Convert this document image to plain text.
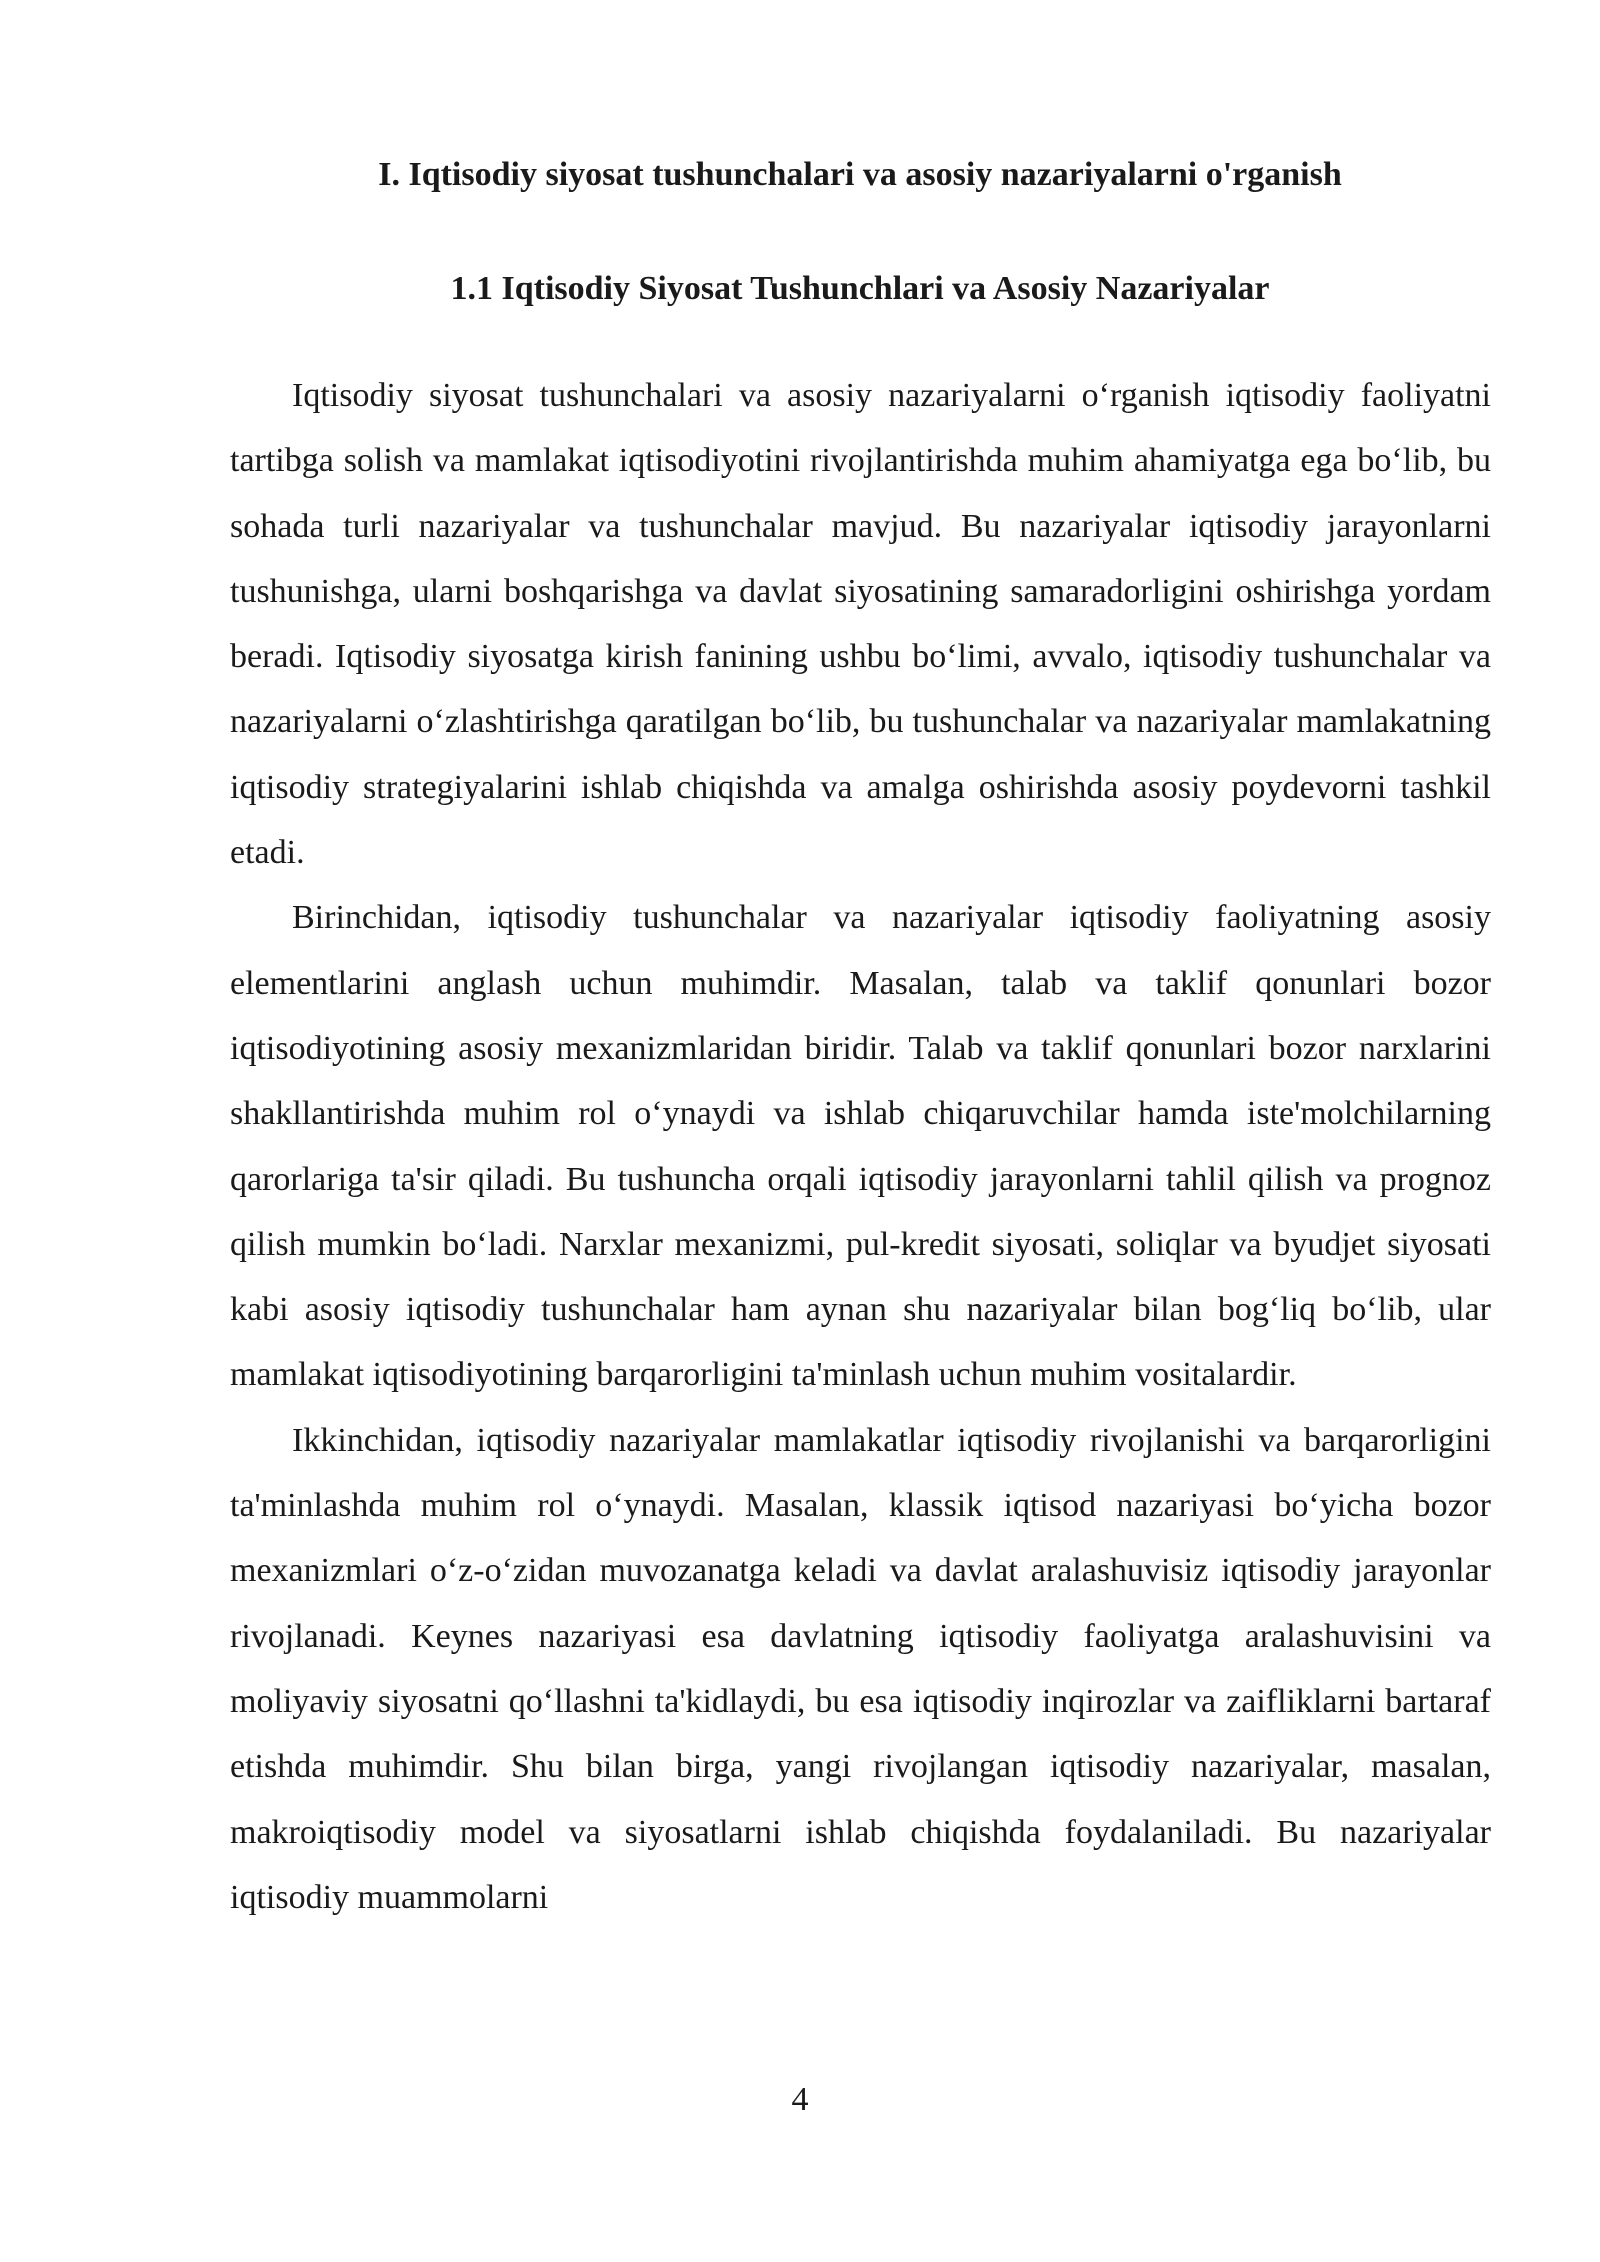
I. Iqtisodiy siyosat tushunchalari va asosiy nazariyalarni o'rganish
1.1 Iqtisodiy Siyosat Tushunchlari va Asosiy Nazariyalar

Iqtisodiy siyosat tushunchalari va asosiy nazariyalarni o‘rganish iqtisodiy faoliyatni tartibga solish va mamlakat iqtisodiyotini rivojlantirishda muhim ahamiyatga ega bo‘lib, bu sohada turli nazariyalar va tushunchalar mavjud. Bu nazariyalar iqtisodiy jarayonlarni tushunishga, ularni boshqarishga va davlat siyosatining samaradorligini oshirishga yordam beradi. Iqtisodiy siyosatga kirish fanining ushbu bo‘limi, avvalo, iqtisodiy tushunchalar va nazariyalarni o‘zlashtirishga qaratilgan bo‘lib, bu tushunchalar va nazariyalar mamlakatning iqtisodiy strategiyalarini ishlab chiqishda va amalga oshirishda asosiy poydevorni tashkil etadi.

Birinchidan, iqtisodiy tushunchalar va nazariyalar iqtisodiy faoliyatning asosiy elementlarini anglash uchun muhimdir. Masalan, talab va taklif qonunlari bozor iqtisodiyotining asosiy mexanizmlaridan biridir. Talab va taklif qonunlari bozor narxlarini shakllantirishda muhim rol o‘ynaydi va ishlab chiqaruvchilar hamda iste'molchilarning qarorlariga ta'sir qiladi. Bu tushuncha orqali iqtisodiy jarayonlarni tahlil qilish va prognoz qilish mumkin bo‘ladi. Narxlar mexanizmi, pul-kredit siyosati, soliqlar va byudjet siyosati kabi asosiy iqtisodiy tushunchalar ham aynan shu nazariyalar bilan bog‘liq bo‘lib, ular mamlakat iqtisodiyotining barqarorligini ta'minlash uchun muhim vositalardir.

Ikkinchidan, iqtisodiy nazariyalar mamlakatlar iqtisodiy rivojlanishi va barqarorligini ta'minlashda muhim rol o‘ynaydi. Masalan, klassik iqtisod nazariyasi bo‘yicha bozor mexanizmlari o‘z-o‘zidan muvozanatga keladi va davlat aralashuvisiz iqtisodiy jarayonlar rivojlanadi. Keynes nazariyasi esa davlatning iqtisodiy faoliyatga aralashuvisini va moliyaviy siyosatni qo‘llashni ta'kidlaydi, bu esa iqtisodiy inqirozlar va zaifliklarni bartaraf etishda muhimdir. Shu bilan birga, yangi rivojlangan iqtisodiy nazariyalar, masalan, makroiqtisodiy model va siyosatlarni ishlab chiqishda foydalaniladi. Bu nazariyalar iqtisodiy muammolarni

4
